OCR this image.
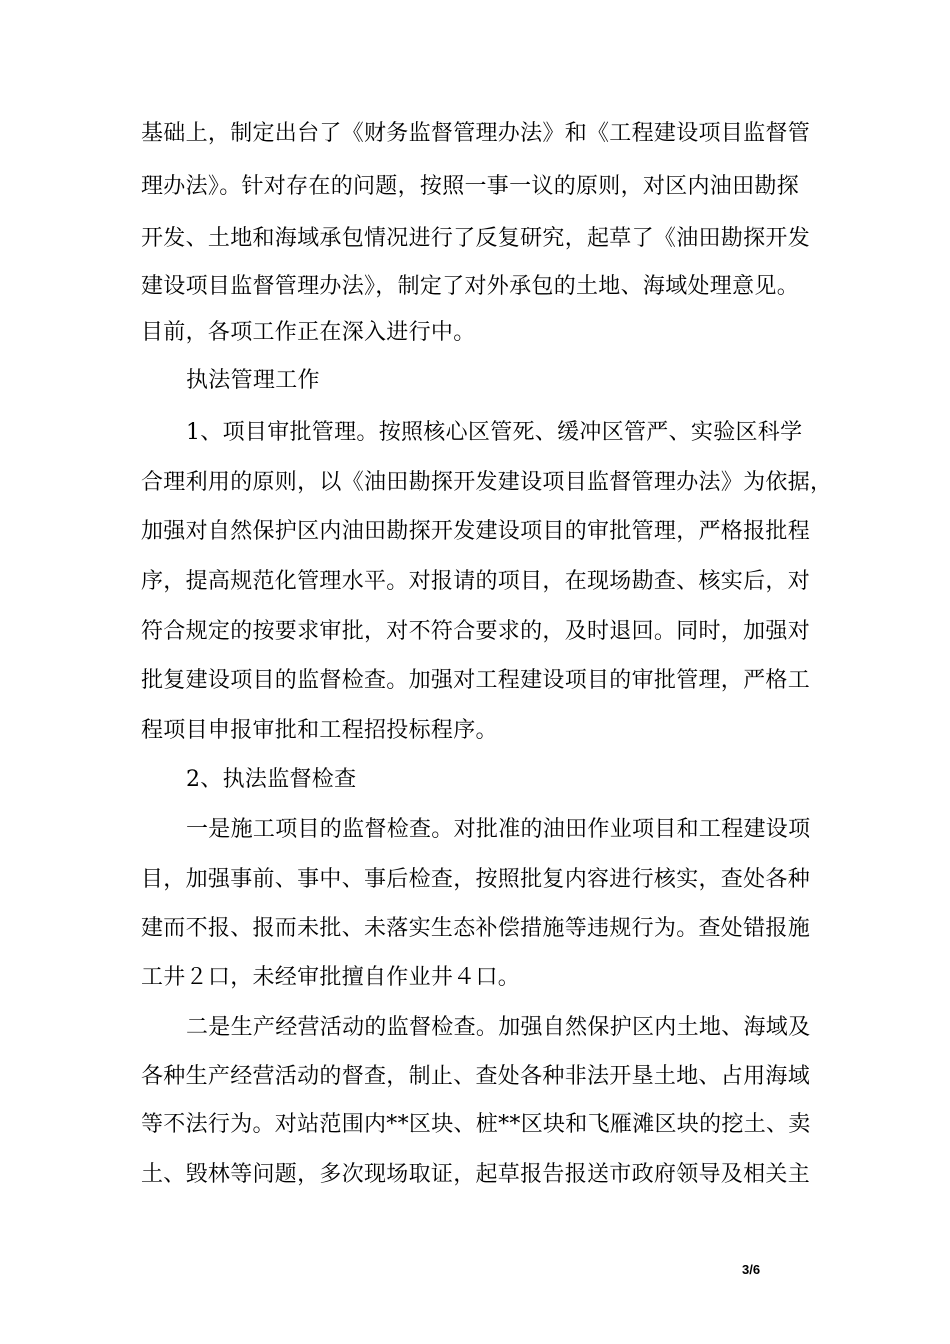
基础上，制定出台了《财务监督管理办法》和《工程建设项目监督管
理办法》。针对存在的问题，按照一事一议的原则，对区内油田勘探
开发、土地和海域承包情况进行了反复研究，起草了《油田勘探开发
建设项目监督管理办法》，制定了对外承包的土地、海域处理意见。
目前，各项工作正在深入进行中。
执法管理工作
1、项目审批管理。按照核心区管死、缓冲区管严、实验区科学
合理利用的原则，以《油田勘探开发建设项目监督管理办法》为依据，
加强对自然保护区内油田勘探开发建设项目的审批管理，严格报批程
序，提高规范化管理水平。对报请的项目，在现场勘查、核实后，对
符合规定的按要求审批，对不符合要求的，及时退回。同时，加强对
批复建设项目的监督检查。加强对工程建设项目的审批管理，严格工
程项目申报审批和工程招投标程序。
2、执法监督检查
一是施工项目的监督检查。对批准的油田作业项目和工程建设项
目，加强事前、事中、事后检查，按照批复内容进行核实，查处各种
建而不报、报而未批、未落实生态补偿措施等违规行为。查处错报施
工井２口，未经审批擅自作业井４口。
二是生产经营活动的监督检查。加强自然保护区内土地、海域及
各种生产经营活动的督查，制止、查处各种非法开垦土地、占用海域
等不法行为。对站范围内**区块、桩**区块和飞雁滩区块的挖土、卖
土、毁林等问题，多次现场取证，起草报告报送市政府领导及相关主
3/6
